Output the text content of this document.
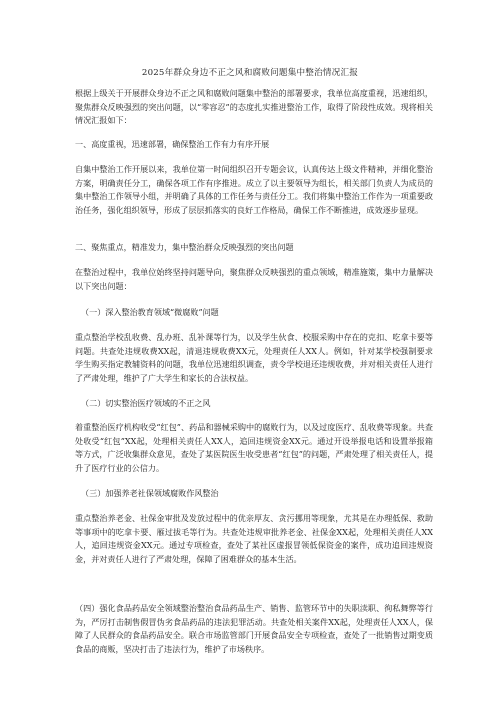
2025年群众身边不正之风和腐败问题集中整治情况汇报

根据上级关于开展群众身边不正之风和腐败问题集中整治的部署要求，我单位高度重视，迅速组织，聚焦群众反映强烈的突出问题，以“零容忍”的态度扎实推进整治工作，取得了阶段性成效。现将相关情况汇报如下：

一、高度重视，迅速部署，确保整治工作有力有序开展

自集中整治工作开展以来，我单位第一时间组织召开专题会议，认真传达上级文件精神，并细化整治方案，明确责任分工，确保各项工作有序推进。成立了以主要领导为组长，相关部门负责人为成员的集中整治工作领导小组，并明确了具体的工作任务与责任分工。我们将集中整治工作作为一项重要政治任务，强化组织领导，形成了层层抓落实的良好工作格局，确保工作不断推进，成效逐步显现。

二、聚焦重点，精准发力，集中整治群众反映强烈的突出问题

在整治过程中，我单位始终坚持问题导向，聚焦群众反映强烈的重点领域，精准施策，集中力量解决以下突出问题：

（一）深入整治教育领域“微腐败”问题

重点整治学校乱收费、乱办班、乱补课等行为，以及学生伙食、校服采购中存在的克扣、吃拿卡要等问题。共查处违规收费XX起，清退违规收费XX元，处理责任人XX人。例如，针对某学校强制要求学生购买指定教辅资料的问题，我单位迅速组织调查，责令学校退还违规收费，并对相关责任人进行了严肃处理，维护了广大学生和家长的合法权益。

（二）切实整治医疗领域的不正之风

着重整治医疗机构收受“红包”、药品和器械采购中的腐败行为，以及过度医疗、乱收费等现象。共查处收受“红包”XX起，处理相关责任人XX人，追回违规资金XX元。通过开设举报电话和设置举报箱等方式，广泛收集群众意见，查处了某医院医生收受患者“红包”的问题，严肃处理了相关责任人，提升了医疗行业的公信力。

（三）加强养老社保领域腐败作风整治

重点整治养老金、社保金审批及发放过程中的优亲厚友、贪污挪用等现象，尤其是在办理低保、救助等事项中的吃拿卡要、雁过拔毛等行为。共查处违规审批养老金、社保金XX起，处理相关责任人XX人，追回违规资金XX元。通过专项检查，查处了某社区虚报冒领低保资金的案件，成功追回违规资金，并对责任人进行了严肃处理，保障了困难群众的基本生活。

（四）强化食品药品安全领域整治整治食品药品生产、销售、监管环节中的失职渎职、徇私舞弊等行为，严厉打击制售假冒伪劣食品药品的违法犯罪活动。共查处相关案件XX起，处理责任人XX人，保障了人民群众的食品药品安全。联合市场监管部门开展食品安全专项检查，查处了一批销售过期变质食品的商贩，坚决打击了违法行为，维护了市场秩序。
